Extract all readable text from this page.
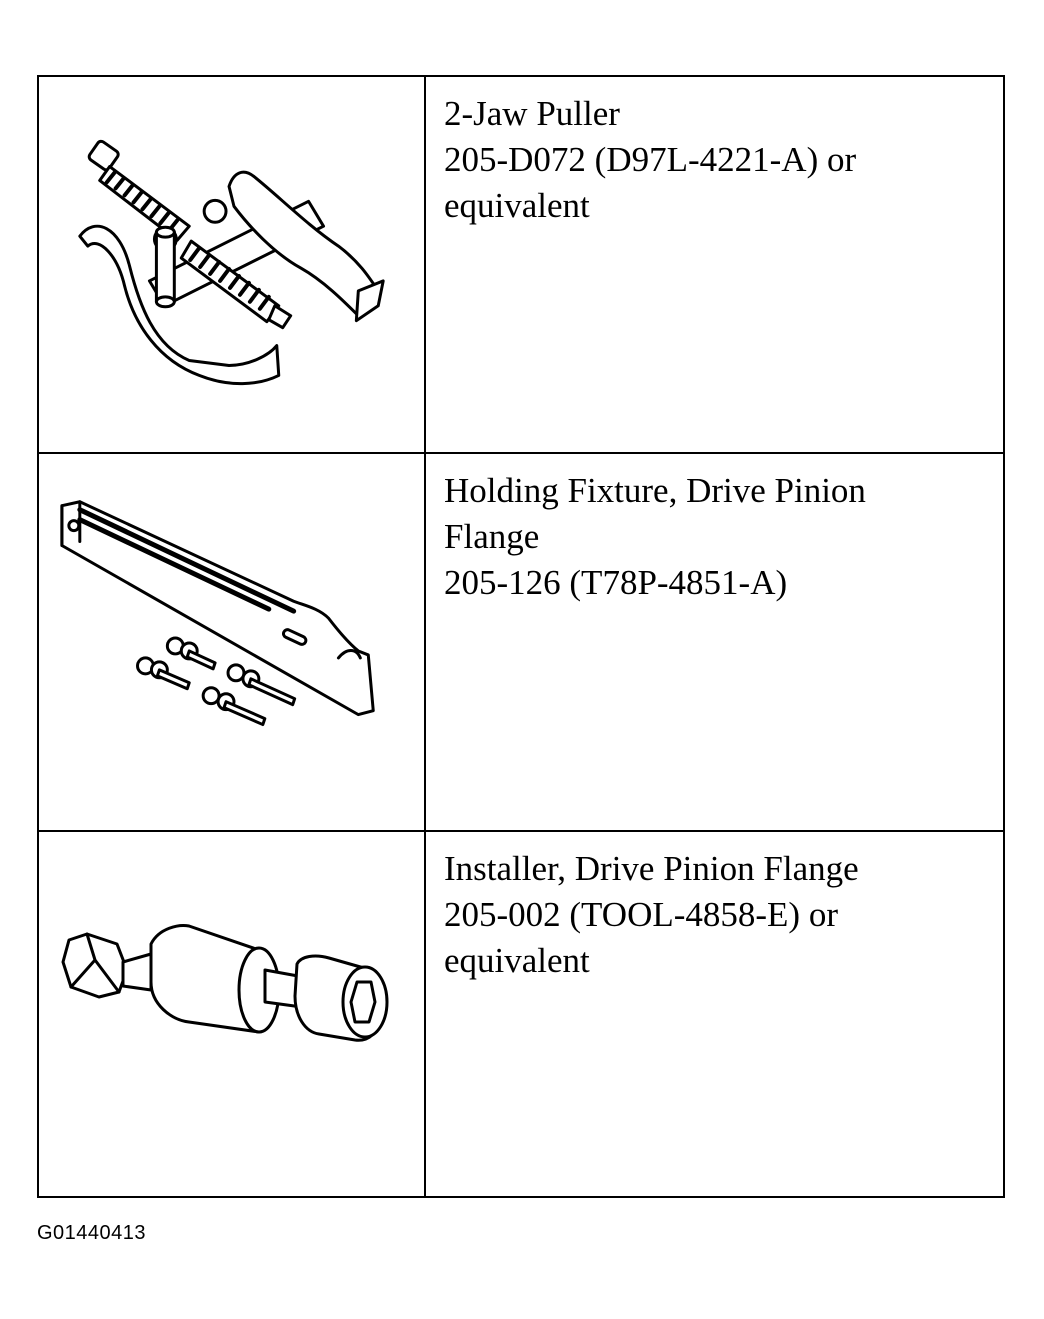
2-Jaw Puller
205-D072 (D97L-4221-A) or
equivalent
Holding Fixture, Drive Pinion
Flange
205-126 (T78P-4851-A)
Installer, Drive Pinion Flange
205-002 (TOOL-4858-E) or
equivalent
G01440413
